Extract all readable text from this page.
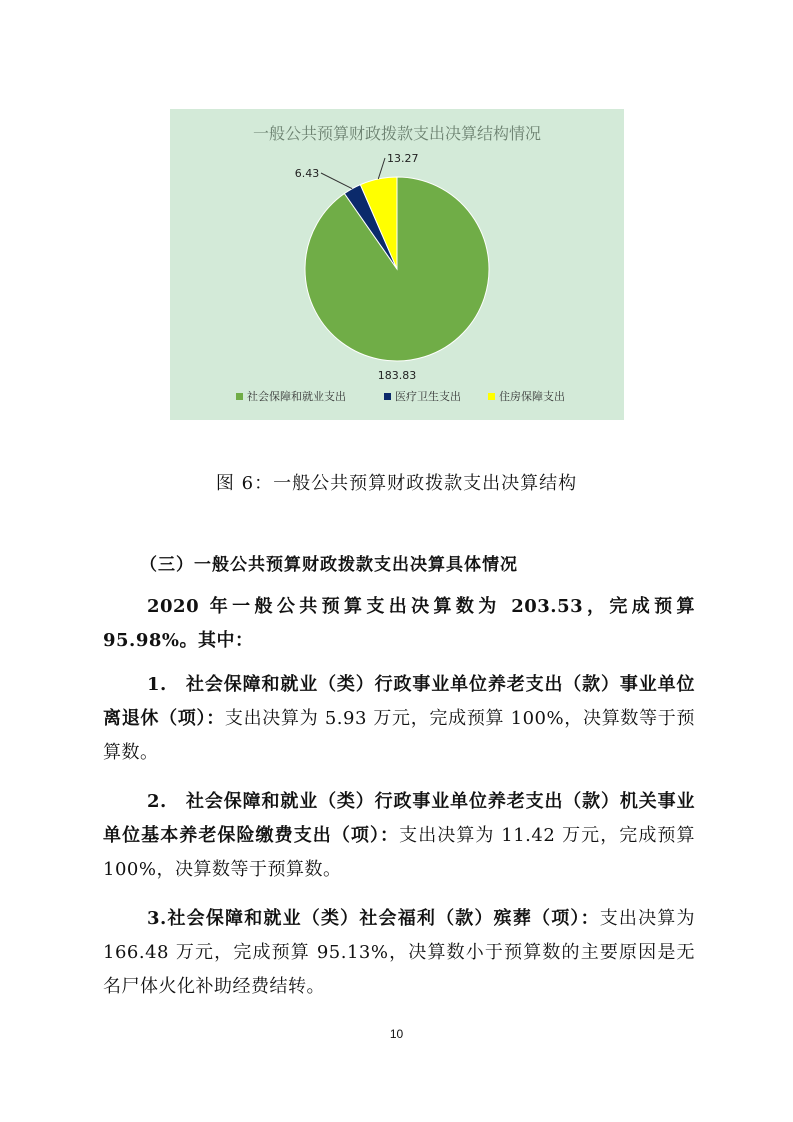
一般公共预算财政拨款支出决算结构情况
183.83
6.43
13.27
社会保障和就业支出	医疗卫生支出	住房保障支出
图 6：一般公共预算财政拨款支出决算结构
（三）一般公共预算财政拨款支出决算具体情况
2020 年一般公共预算支出决算数为 203.53，完成预算 95.98%。其中：
1.　社会保障和就业（类）行政事业单位养老支出（款）事业单位离退休（项）：支出决算为 5.93 万元，完成预算 100%，决算数等于预算数。
2.　社会保障和就业（类）行政事业单位养老支出（款）机关事业单位基本养老保险缴费支出（项）：支出决算为 11.42 万元，完成预算 100%，决算数等于预算数。
3.社会保障和就业（类）社会福利（款）殡葬（项）：支出决算为 166.48 万元，完成预算 95.13%，决算数小于预算数的主要原因是无名尸体火化补助经费结转。
10
